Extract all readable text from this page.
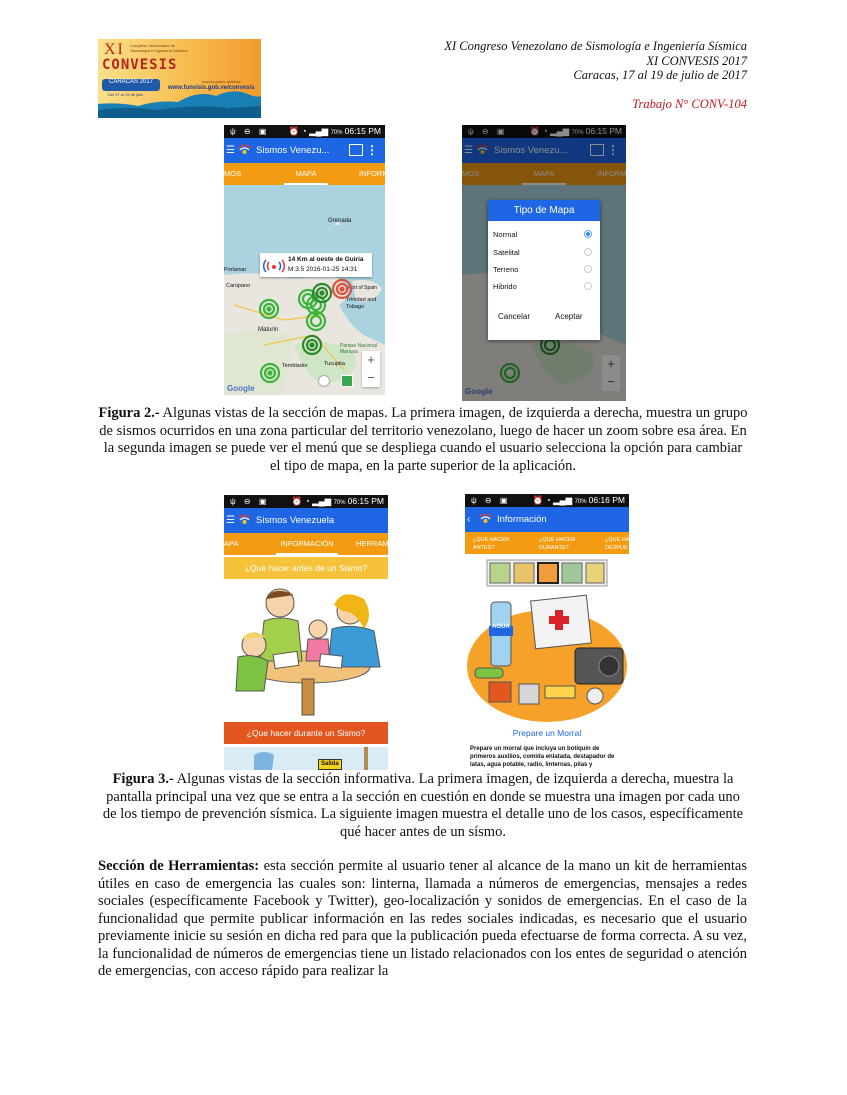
XI Congreso Venezolano de Sismología e Ingeniería Sísmica
CONVESIS
Inscripciones abiertas
www.funvisis.gob.ve/convesis
CARACAS 2017
Del 17 al 19 de julio
XI Congreso Venezolano de Sismología e Ingeniería Sísmica
XI CONVESIS 2017
Caracas, 17 al 19 de julio de 2017
Trabajo N° CONV-104
ψ ⊖ ▣ ⏰ ◔ ▂▄▆ 70% 06:15 PM
☰ Sismos Venezu...	⋮
MOS	MAPA	INFORM
Grenada
Porlamar
Carúpano
Maturín
Trinidad and Tobago
Parque Nacional Mariusa
Tucupita
Temblador
Port of Spain
14 Km al oeste de Guiria
M:3.5 2016-01-25 14:31
+
−
Google
ψ ⊖ ▣	⏰ ◔ ▂▄▆ 70% 06:15 PM
☰ Sismos Venezu...	⋮
MOS	MAPA	INFORM
+
−
Google
Tipo de Mapa
Normal
Satelital
Terreno
Hibrido
Cancelar	Aceptar
Figura 2.- Algunas vistas de la sección de mapas. La primera imagen, de izquierda a derecha, muestra un grupo de sismos ocurridos en una zona particular del territorio venezolano, luego de hacer un zoom sobre esa área. En la segunda imagen se puede ver el menú que se despliega cuando el usuario selecciona la opción para cambiar el tipo de mapa, en la parte superior de la aplicación.
ψ ⊖ ▣	⏰ ◔ ▂▄▆ 70% 06:15 PM
☰ Sismos Venezuela
APA	INFORMACIÓN	HERRAM
¿Que hacer antes de un Sismo?
¿Que hacer durante un Sismo?
Salida
ψ ⊖ ▣	⏰ ◔ ▂▄▆ 70% 06:16 PM
‹	Información
¿QUE HACER ANTES?
¿QUE HACER DURANTE?
¿QUE HA DESPUE
AGUA
Prepare un Morral
Prepare un morral que incluya un botiquín de primeros auxilios, comida enlatada, destapador de latas, agua potable, radio, linternas, pilas y
Figura 3.- Algunas vistas de la sección informativa. La primera imagen, de izquierda a derecha, muestra la pantalla principal una vez que se entra a la sección en cuestión en donde se muestra una imagen por cada uno de los tiempo de prevención sísmica. La siguiente imagen muestra el detalle uno de los casos, específicamente qué hacer antes de un sísmo.
Sección de Herramientas: esta sección permite al usuario tener al alcance de la mano un kit de herramientas útiles en caso de emergencia las cuales son: linterna, llamada a números de emergencias, mensajes a redes sociales (específicamente Facebook y Twitter), geo-localización y sonidos de emergencias. En el caso de la funcionalidad que permite publicar información en las redes sociales indicadas, es necesario que el usuario previamente inicie su sesión en dicha red para que la publicación pueda efectuarse de forma correcta. A su vez, la funcionalidad de números de emergencias tiene un listado relacionados con los entes de seguridad o atención de emergencias, con acceso rápido para realizar la
